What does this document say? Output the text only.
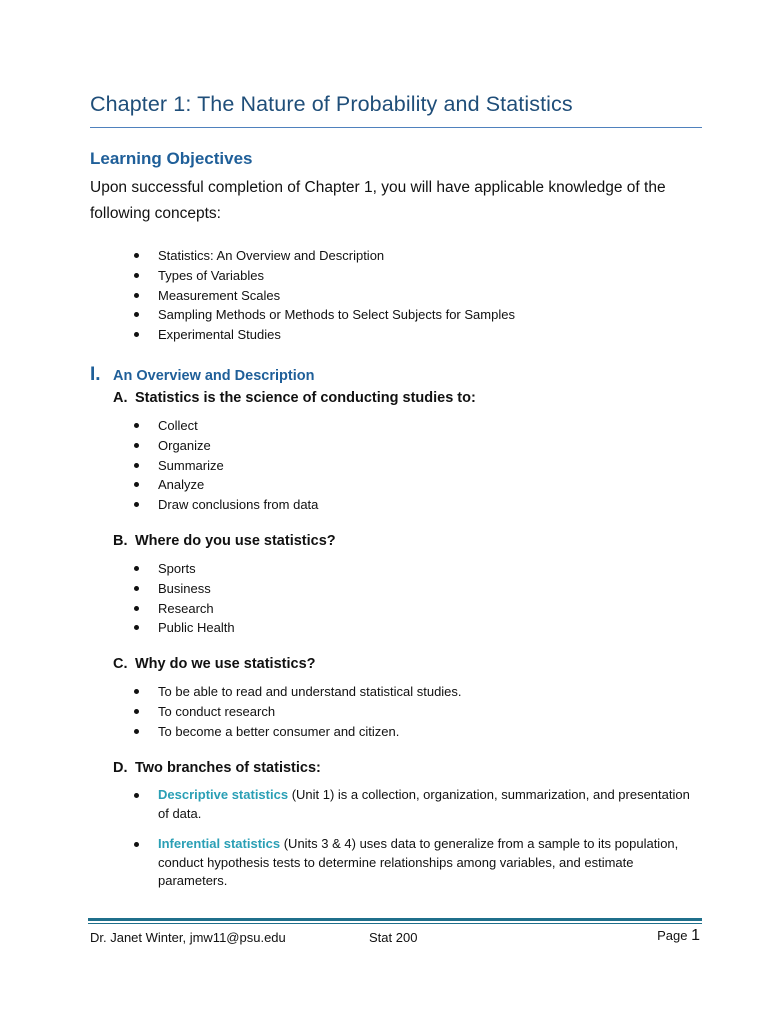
Chapter 1: The Nature of Probability and Statistics
Learning Objectives
Upon successful completion of Chapter 1, you will have applicable knowledge of the following concepts:
Statistics: An Overview and Description
Types of Variables
Measurement Scales
Sampling Methods or Methods to Select Subjects for Samples
Experimental Studies
I. An Overview and Description
A. Statistics is the science of conducting studies to:
Collect
Organize
Summarize
Analyze
Draw conclusions from data
B. Where do you use statistics?
Sports
Business
Research
Public Health
C. Why do we use statistics?
To be able to read and understand statistical studies.
To conduct research
To become a better consumer and citizen.
D. Two branches of statistics:
Descriptive statistics (Unit 1) is a collection, organization, summarization, and presentation of data.
Inferential statistics (Units 3 & 4) uses data to generalize from a sample to its population, conduct hypothesis tests to determine relationships among variables, and estimate parameters.
Dr. Janet Winter, jmw11@psu.edu	Stat 200	Page 1
